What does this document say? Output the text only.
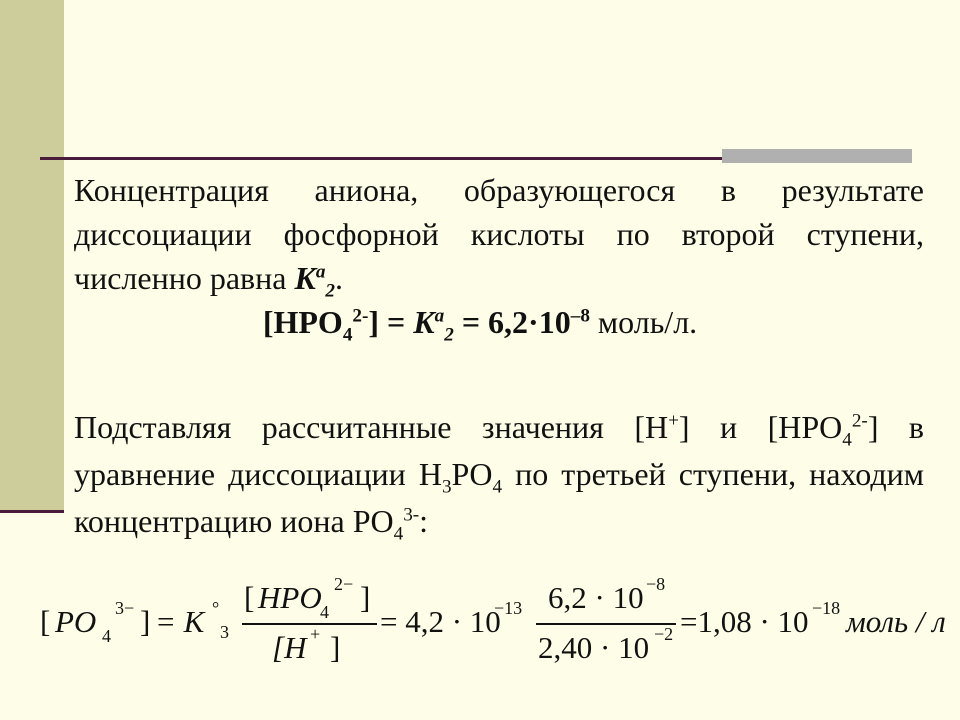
Концентрация аниона, образующегося в результате диссоциации фосфорной кислоты по второй ступени, численно равна $K^a_2$.
$[HPO_4^{2-}] = K^a_2 = 6,2\cdot 10^{-8}$ моль/л.
Подставляя рассчитанные значения [H+] и $[HPO_4^{2-}]$ в уравнение диссоциации $H_3PO_4$ по третьей ступени, находим концентрацию иона $PO_4^{3-}$:
[ PO 4
3− ] = K °
3
[ HPO
4
2− ]
[H + ]
= 4,2 · 10
−13 6,2 · 10 −8
2,40 · 10 −2 =1,08 · 10 −18 моль / л
